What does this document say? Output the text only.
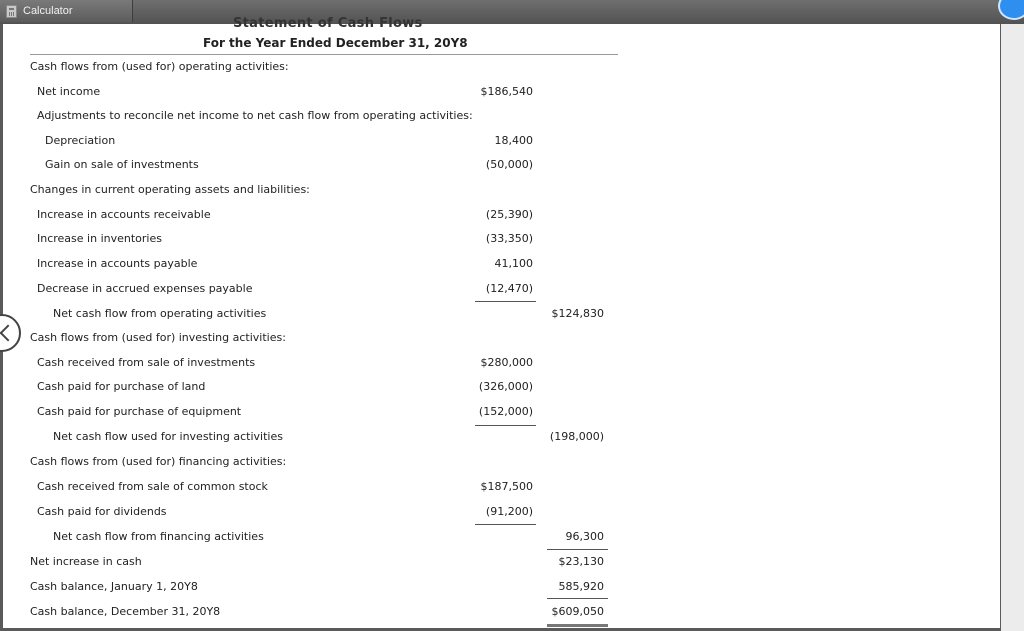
Calculator
Statement of Cash Flows
For the Year Ended December 31, 20Y8
Cash flows from (used for) operating activities:
Net income	$186,540
Adjustments to reconcile net income to net cash flow from operating activities:
Depreciation	18,400
Gain on sale of investments	(50,000)
Changes in current operating assets and liabilities:
Increase in accounts receivable	(25,390)
Increase in inventories	(33,350)
Increase in accounts payable	41,100
Decrease in accrued expenses payable	(12,470)
Net cash flow from operating activities	$124,830
Cash flows from (used for) investing activities:
Cash received from sale of investments	$280,000
Cash paid for purchase of land	(326,000)
Cash paid for purchase of equipment	(152,000)
Net cash flow used for investing activities	(198,000)
Cash flows from (used for) financing activities:
Cash received from sale of common stock	$187,500
Cash paid for dividends	(91,200)
Net cash flow from financing activities	96,300
Net increase in cash	$23,130
Cash balance, January 1, 20Y8	585,920
Cash balance, December 31, 20Y8	$609,050
